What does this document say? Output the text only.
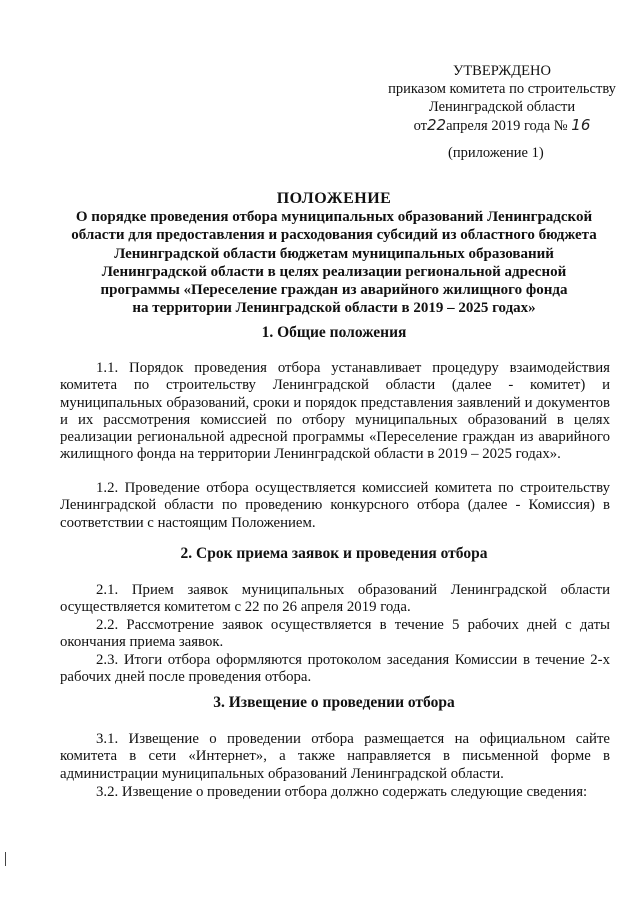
УТВЕРЖДЕНО
приказом комитета по строительству
Ленинградской области
от22апреля 2019 года № 16
(приложение 1)
ПОЛОЖЕНИЕ
О порядке проведения отбора муниципальных образований Ленинградской
области для предоставления и расходования субсидий из областного бюджета
Ленинградской области бюджетам муниципальных образований
Ленинградской области в целях реализации региональной адресной
программы «Переселение граждан из аварийного жилищного фонда
на территории Ленинградской области в 2019 – 2025 годах»
1. Общие положения

1.1. Порядок проведения отбора устанавливает процедуру взаимодействия комитета по строительству Ленинградской области (далее - комитет) и муниципальных образований, сроки и порядок представления заявлений и документов и их рассмотрения комиссией по отбору муниципальных образований в целях реализации региональной адресной программы «Переселение граждан из аварийного жилищного фонда на территории Ленинградской области в 2019 – 2025 годах».

1.2. Проведение отбора осуществляется комиссией комитета по строительству Ленинградской области по проведению конкурсного отбора (далее - Комиссия) в соответствии с настоящим Положением.

2. Срок приема заявок и проведения отбора

2.1. Прием заявок муниципальных образований Ленинградской области осуществляется комитетом с 22 по 26 апреля 2019 года.

2.2. Рассмотрение заявок осуществляется в течение 5 рабочих дней с даты окончания приема заявок.

2.3. Итоги отбора оформляются протоколом заседания Комиссии в течение 2-х рабочих дней после проведения отбора.

3. Извещение о проведении отбора

3.1. Извещение о проведении отбора размещается на официальном сайте комитета в сети «Интернет», а также направляется в письменной форме в администрации муниципальных образований Ленинградской области.

3.2. Извещение о проведении отбора должно содержать следующие сведения:
